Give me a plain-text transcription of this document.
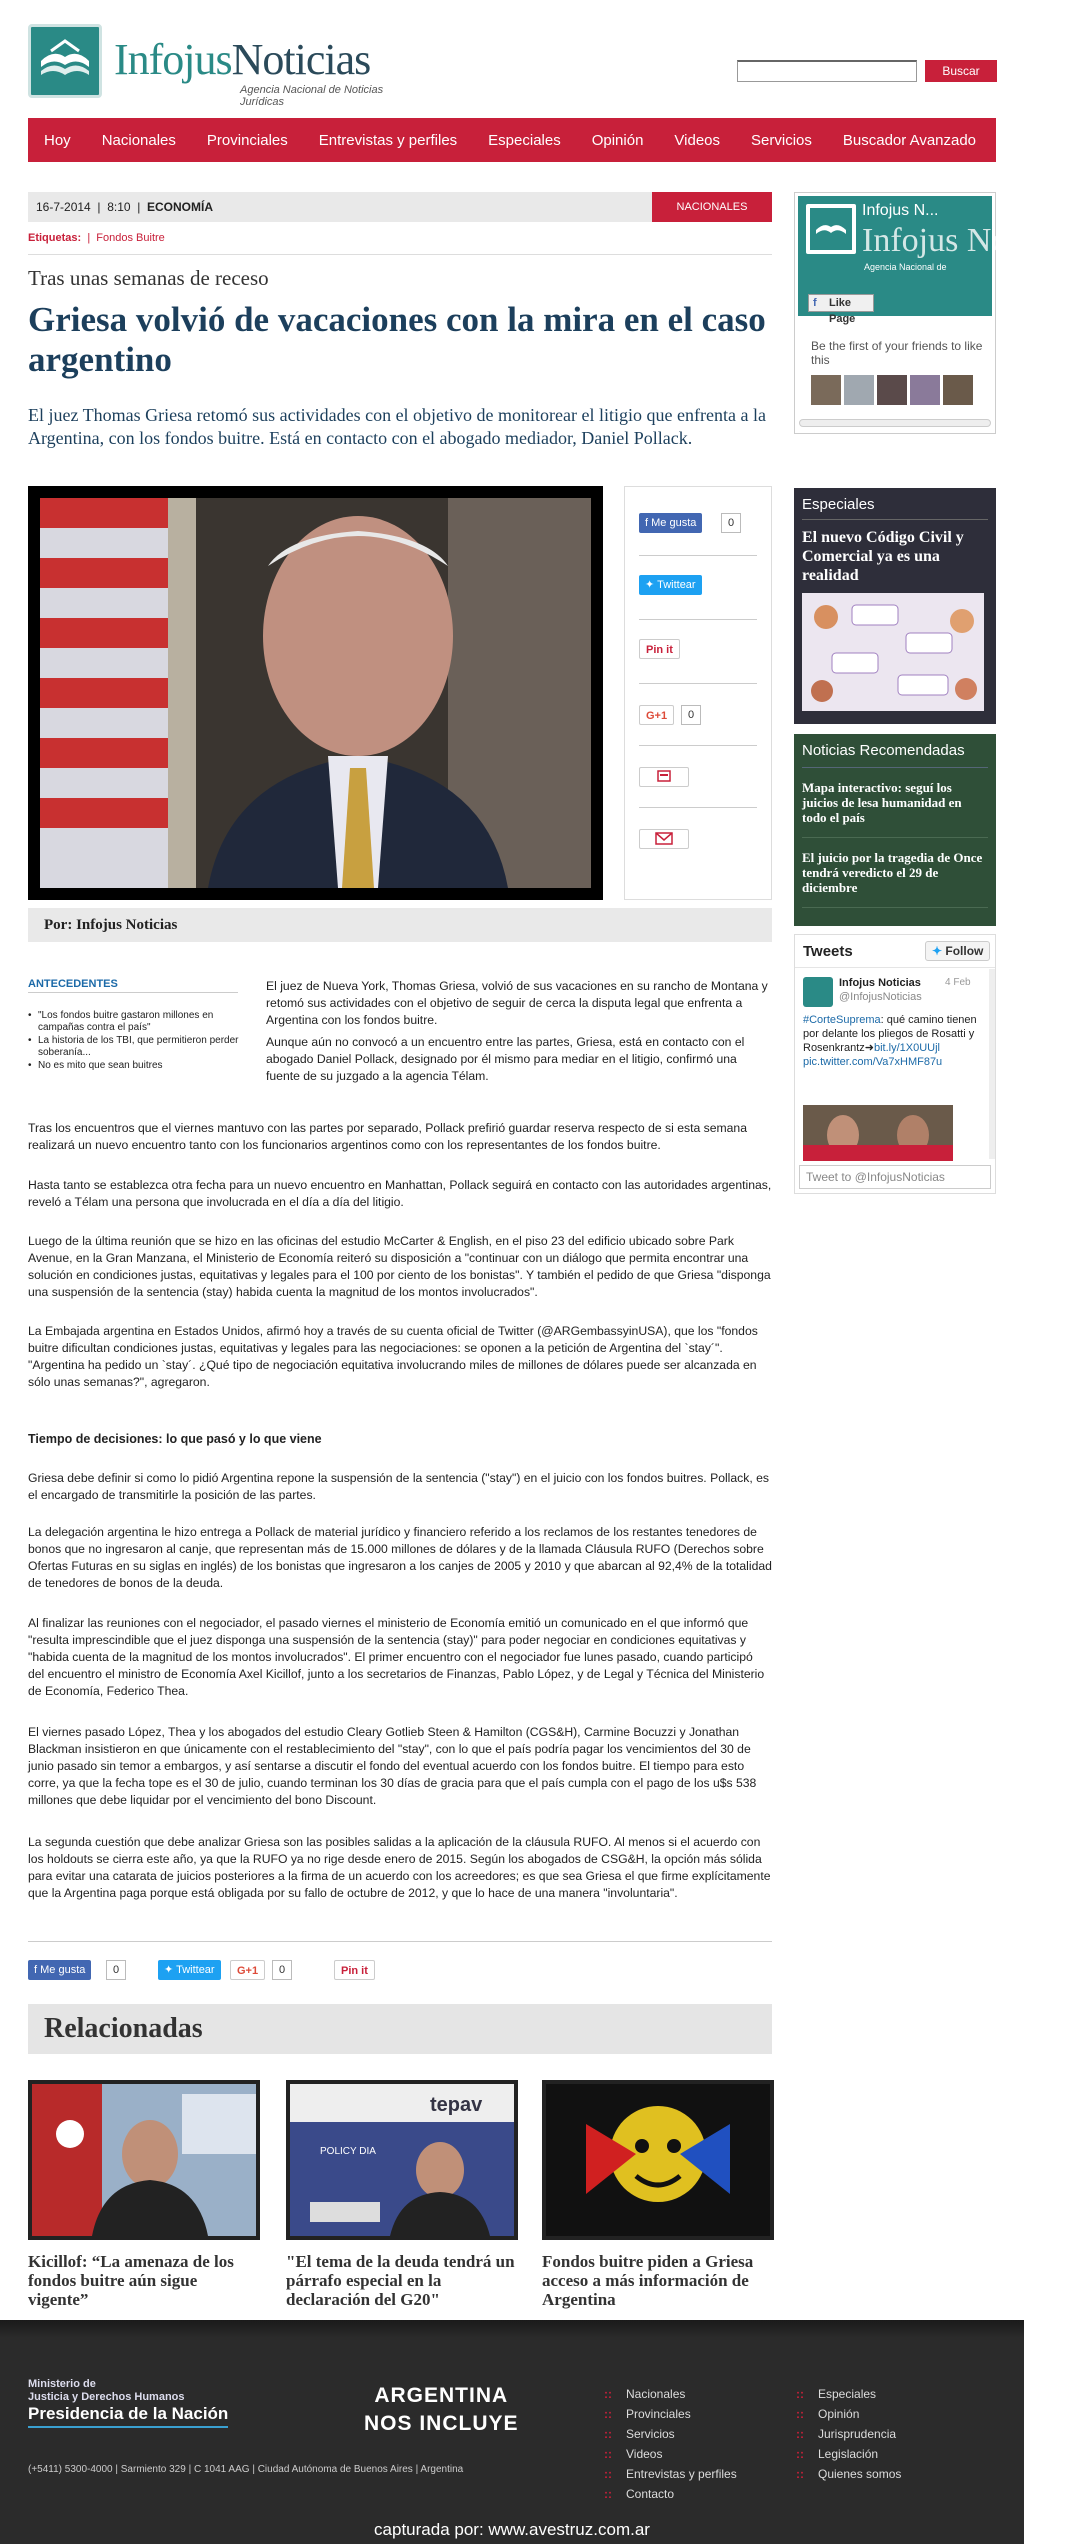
InfojusNoticias
Agencia Nacional de Noticias Jurídicas
Buscar
Hoy Nacionales Provinciales Entrevistas y perfiles Especiales Opinión Videos Servicios Buscador Avanzado
16-7-2014 | 8:10 | ECONOMÍA	NACIONALES
Etiquetas: | Fondos Buitre
Tras unas semanas de receso
Griesa volvió de vacaciones con la mira en el caso argentino
El juez Thomas Griesa retomó sus actividades con el objetivo de monitorear el litigio que enfrenta a la Argentina, con los fondos buitre. Está en contacto con el abogado mediador, Daniel Pollack.
f Me gusta	0
✦ Twittear
Pin it
G+1	0
Por: Infojus Noticias
ANTECEDENTES
• "Los fondos buitre gastaron millones en campañas contra el país"
• La historia de los TBI, que permitieron perder soberanía...
• No es mito que sean buitres
El juez de Nueva York, Thomas Griesa, volvió de sus vacaciones en su rancho de Montana y retomó sus actividades con el objetivo de seguir de cerca la disputa legal que enfrenta a Argentina con los fondos buitre.
Aunque aún no convocó a un encuentro entre las partes, Griesa, está en contacto con el abogado Daniel Pollack, designado por él mismo para mediar en el litigio, confirmó una fuente de su juzgado a la agencia Télam.
Tras los encuentros que el viernes mantuvo con las partes por separado, Pollack prefirió guardar reserva respecto de si esta semana realizará un nuevo encuentro tanto con los funcionarios argentinos como con los representantes de los fondos buitre.
Hasta tanto se establezca otra fecha para un nuevo encuentro en Manhattan, Pollack seguirá en contacto con las autoridades argentinas, reveló a Télam una persona que involucrada en el día a día del litigio.
Luego de la última reunión que se hizo en las oficinas del estudio McCarter & English, en el piso 23 del edificio ubicado sobre Park Avenue, en la Gran Manzana, el Ministerio de Economía reiteró su disposición a "continuar con un diálogo que permita encontrar una solución en condiciones justas, equitativas y legales para el 100 por ciento de los bonistas". Y también el pedido de que Griesa "disponga una suspensión de la sentencia (stay) habida cuenta la magnitud de los montos involucrados".
La Embajada argentina en Estados Unidos, afirmó hoy a través de su cuenta oficial de Twitter (@ARGembassyinUSA), que los "fondos buitre dificultan condiciones justas, equitativas y legales para las negociaciones: se oponen a la petición de Argentina del `stay´". "Argentina ha pedido un `stay´. ¿Qué tipo de negociación equitativa involucrando miles de millones de dólares puede ser alcanzada en sólo unas semanas?", agregaron.
Tiempo de decisiones: lo que pasó y lo que viene
Griesa debe definir si como lo pidió Argentina repone la suspensión de la sentencia ("stay") en el juicio con los fondos buitres. Pollack, es el encargado de transmitirle la posición de las partes.
La delegación argentina le hizo entrega a Pollack de material jurídico y financiero referido a los reclamos de los restantes tenedores de bonos que no ingresaron al canje, que representan más de 15.000 millones de dólares y de la llamada Cláusula RUFO (Derechos sobre Ofertas Futuras en su siglas en inglés) de los bonistas que ingresaron a los canjes de 2005 y 2010 y que abarcan al 92,4% de la totalidad de tenedores de bonos de la deuda.
Al finalizar las reuniones con el negociador, el pasado viernes el ministerio de Economía emitió un comunicado en el que informó que "resulta imprescindible que el juez disponga una suspensión de la sentencia (stay)" para poder negociar en condiciones equitativas y "habida cuenta de la magnitud de los montos involucrados". El primer encuentro con el negociador fue lunes pasado, cuando participó del encuentro el ministro de Economía Axel Kicillof, junto a los secretarios de Finanzas, Pablo López, y de Legal y Técnica del Ministerio de Economía, Federico Thea.
El viernes pasado López, Thea y los abogados del estudio Cleary Gotlieb Steen & Hamilton (CGS&H), Carmine Bocuzzi y Jonathan Blackman insistieron en que únicamente con el restablecimiento del "stay", con lo que el país podría pagar los vencimientos del 30 de junio pasado sin temor a embargos, y así sentarse a discutir el fondo del eventual acuerdo con los fondos buitre. El tiempo para esto corre, ya que la fecha tope es el 30 de julio, cuando terminan los 30 días de gracia para que el país cumpla con el pago de los u$s 538 millones que debe liquidar por el vencimiento del bono Discount.
La segunda cuestión que debe analizar Griesa son las posibles salidas a la aplicación de la cláusula RUFO. Al menos si el acuerdo con los holdouts se cierra este año, ya que la RUFO ya no rige desde enero de 2015. Según los abogados de CSG&H, la opción más sólida para evitar una catarata de juicios posteriores a la firma de un acuerdo con los acreedores; es que sea Griesa el que firme explícitamente que la Argentina paga porque está obligada por su fallo de octubre de 2012, y que lo hace de una manera "involuntaria".
f Me gusta	0	✦ Twittear	G+1	0	Pin it
Relacionadas
tepav
POLICY DIA
Kicillof: “La amenaza de los fondos buitre aún sigue vigente”
"El tema de la deuda tendrá un párrafo especial en la declaración del G20"
Fondos buitre piden a Griesa acceso a más información de Argentina
Infojus N...
Infojus Noticias
Agencia Nacional de
f Like Page
Be the first of your friends to like this
Especiales
El nuevo Código Civil y Comercial ya es una realidad
Noticias Recomendadas
Mapa interactivo: seguí los juicios de lesa humanidad en todo el país
El juicio por la tragedia de Once tendrá veredicto el 29 de diciembre
Tweets	✦ Follow
Infojus Noticias 4 Feb
@InfojusNoticias
#CorteSuprema: qué camino tienen por delante los pliegos de Rosatti y Rosenkrantz➜bit.ly/1X0UUjl pic.twitter.com/Va7xHMF87u
Tweet to @InfojusNoticias
Ministerio de
Justicia y Derechos Humanos
Presidencia de la Nación
(+5411) 5300-4000 | Sarmiento 329 | C 1041 AAG | Ciudad Autónoma de Buenos Aires | Argentina
ARGENTINA
NOS INCLUYE
:: Nacionales
:: Provinciales
:: Servicios
:: Videos
:: Entrevistas y perfiles
:: Contacto
:: Especiales
:: Opinión
:: Jurisprudencia
:: Legislación
:: Quienes somos
capturada por: www.avestruz.com.ar
